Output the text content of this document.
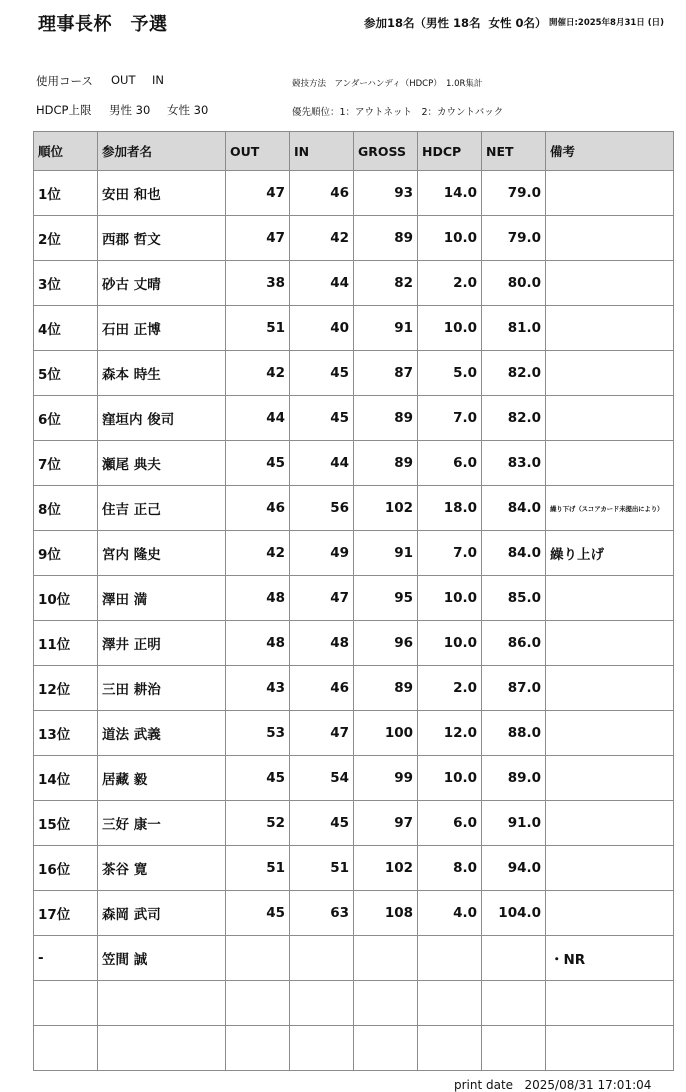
理事長杯　予選	参加18名（男性 18名  女性 0名） 開催日:2025年8月31日 (日)
使用コース OUT IN
HDCP上限 男性 30 女性 30
競技方法　アンダーハンディ（HDCP）　1.0R集計
優先順位：1：アウトネット　2：カウントバック
順位	参加者名	OUT	IN	GROSS	HDCP	NET	備考
1位	安田 和也	47	46	93	14.0	79.0	
2位	西郡 哲文	47	42	89	10.0	79.0	
3位	砂古 丈晴	38	44	82	2.0	80.0	
4位	石田 正博	51	40	91	10.0	81.0	
5位	森本 時生	42	45	87	5.0	82.0	
6位	窪垣内 俊司	44	45	89	7.0	82.0	
7位	瀬尾 典夫	45	44	89	6.0	83.0	
8位	住吉 正己	46	56	102	18.0	84.0	繰り下げ（スコアカード未提出により）
9位	宮内 隆史	42	49	91	7.0	84.0	繰り上げ
10位	澤田 満	48	47	95	10.0	85.0	
11位	澤井 正明	48	48	96	10.0	86.0	
12位	三田 耕治	43	46	89	2.0	87.0	
13位	道法 武義	53	47	100	12.0	88.0	
14位	居藏 毅	45	54	99	10.0	89.0	
15位	三好 康一	52	45	97	6.0	91.0	
16位	茶谷 寛	51	51	102	8.0	94.0	
17位	森岡 武司	45	63	108	4.0	104.0	
-	笠間 誠						・NR

print date   2025/08/31 17:01:04
